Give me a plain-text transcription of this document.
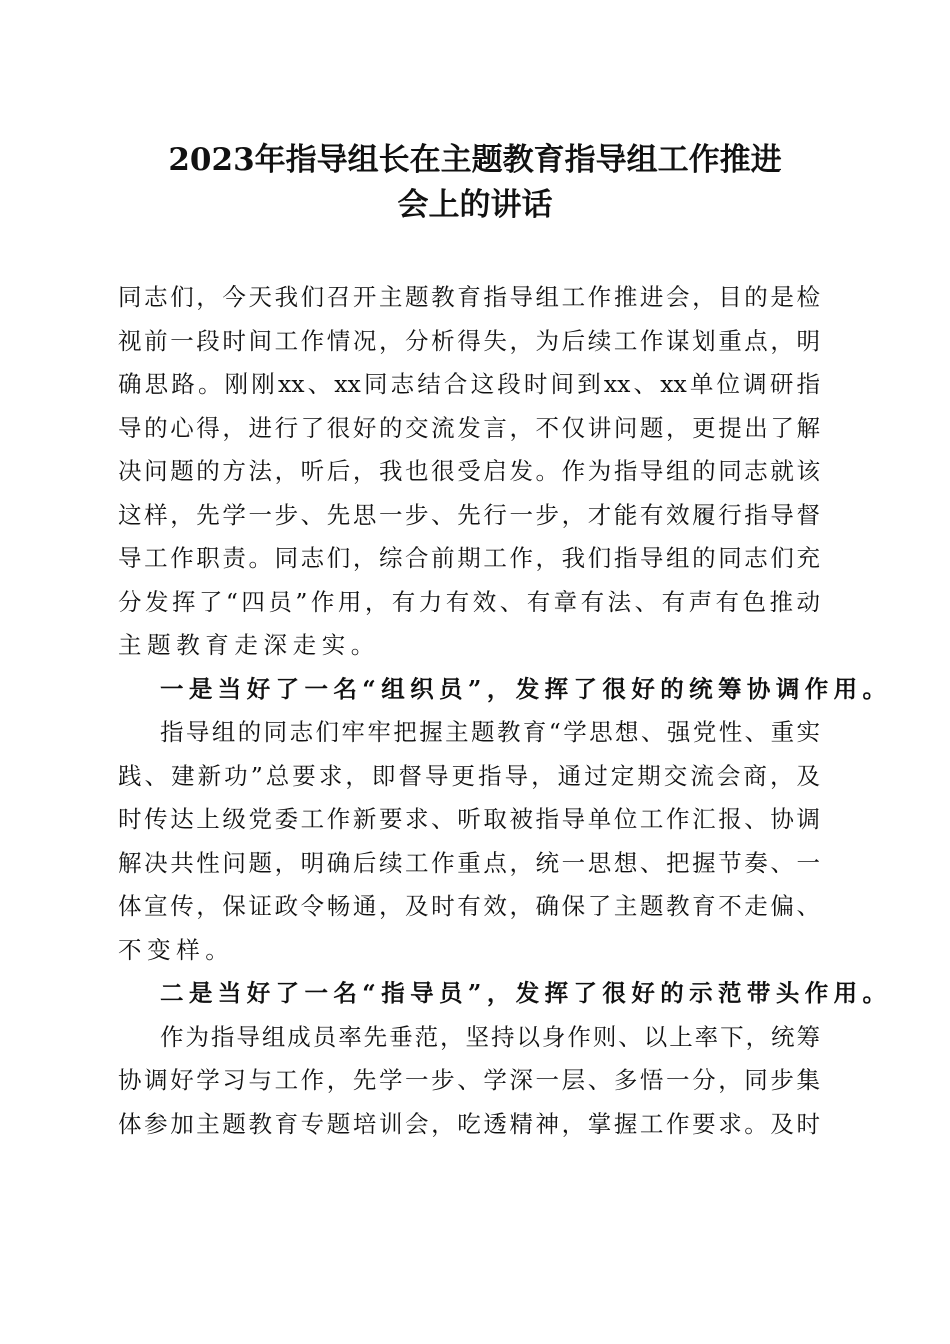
2023年指导组长在主题教育指导组工作推进
会上的讲话
同志们，今天我们召开主题教育指导组工作推进会，目的是检
视前一段时间工作情况，分析得失，为后续工作谋划重点，明
确思路。刚刚xx、xx同志结合这段时间到xx、xx单位调研指
导的心得，进行了很好的交流发言，不仅讲问题，更提出了解
决问题的方法，听后，我也很受启发。作为指导组的同志就该
这样，先学一步、先思一步、先行一步，才能有效履行指导督
导工作职责。同志们，综合前期工作，我们指导组的同志们充
分发挥了“四员”作用，有力有效、有章有法、有声有色推动
主题教育走深走实。
一是当好了一名“组织员”，发挥了很好的统筹协调作用。
指导组的同志们牢牢把握主题教育“学思想、强党性、重实
践、建新功”总要求，即督导更指导，通过定期交流会商，及
时传达上级党委工作新要求、听取被指导单位工作汇报、协调
解决共性问题，明确后续工作重点，统一思想、把握节奏、一
体宣传，保证政令畅通，及时有效，确保了主题教育不走偏、
不变样。
二是当好了一名“指导员”，发挥了很好的示范带头作用。
作为指导组成员率先垂范，坚持以身作则、以上率下，统筹
协调好学习与工作，先学一步、学深一层、多悟一分，同步集
体参加主题教育专题培训会，吃透精神，掌握工作要求。及时
